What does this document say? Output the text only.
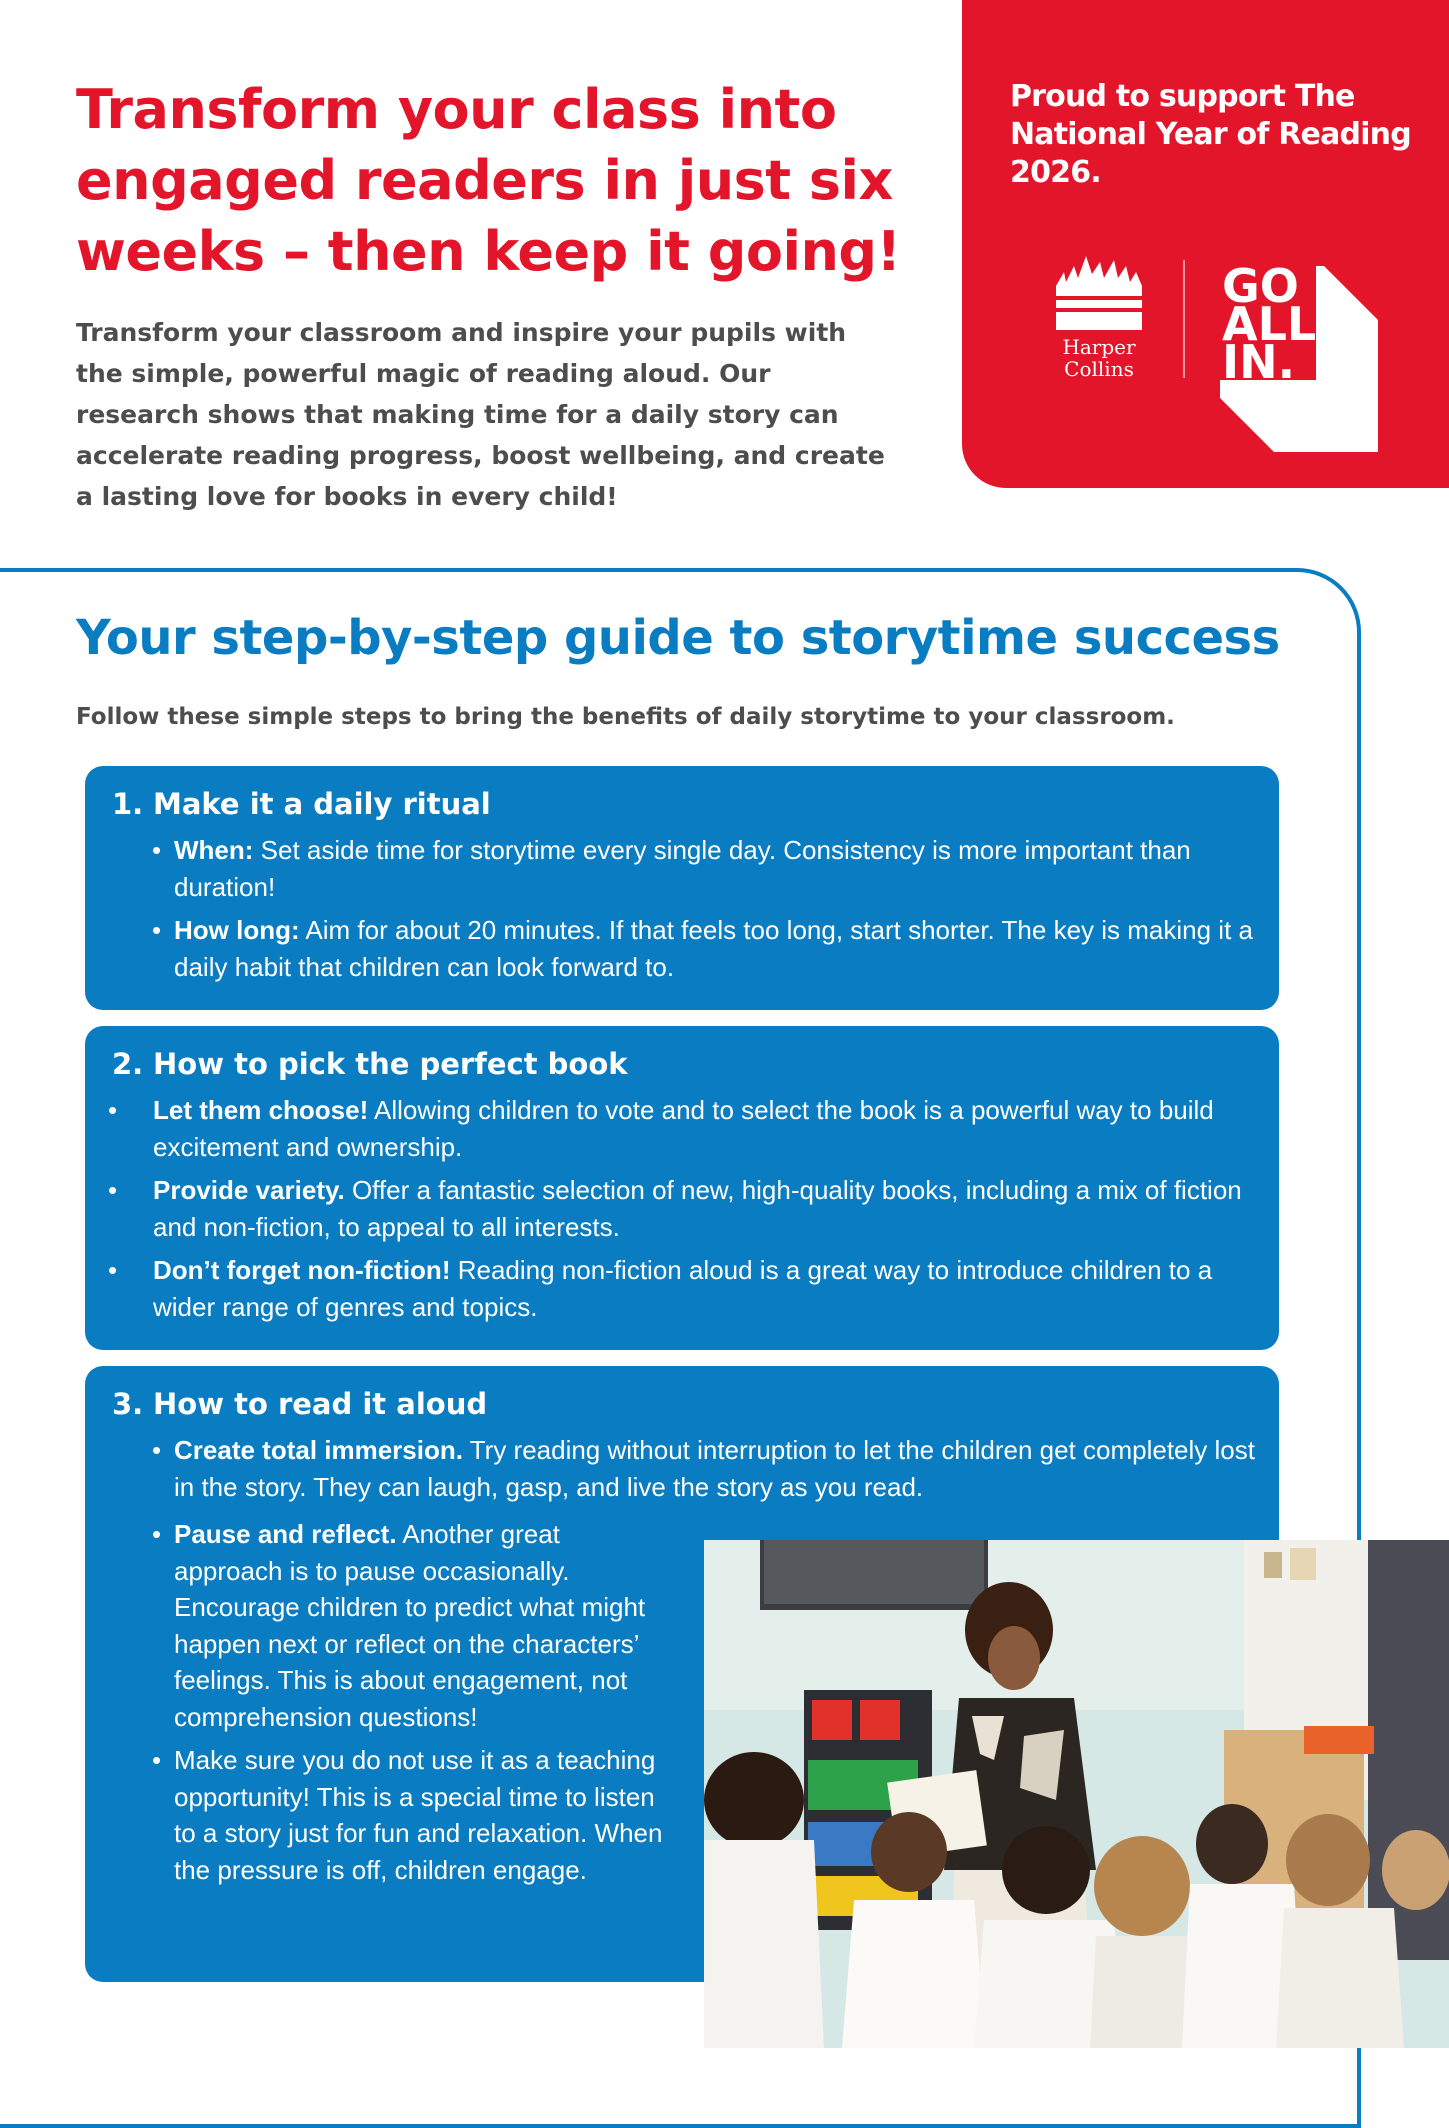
Transform your class into engaged readers in just six weeks – then keep it going!

Transform your classroom and inspire your pupils with the simple, powerful magic of reading aloud. Our research shows that making time for a daily story can accelerate reading progress, boost wellbeing, and create a lasting love for books in every child!

Proud to support The National Year of Reading 2026.
Harper
Collins
GO
ALL
IN.
Your step-by-step guide to storytime success

Follow these simple steps to bring the benefits of daily storytime to your classroom.

1. Make it a daily ritual
• When: Set aside time for storytime every single day. Consistency is more important than duration!
• How long: Aim for about 20 minutes. If that feels too long, start shorter. The key is making it a daily habit that children can look forward to.
2. How to pick the perfect book
• Let them choose! Allowing children to vote and to select the book is a powerful way to build excitement and ownership.
• Provide variety. Offer a fantastic selection of new, high-quality books, including a mix of fiction and non-fiction, to appeal to all interests.
• Don’t forget non-fiction! Reading non-fiction aloud is a great way to introduce children to a wider range of genres and topics.
3. How to read it aloud
• Create total immersion. Try reading without interruption to let the children get completely lost in the story. They can laugh, gasp, and live the story as you read.
• Pause and reflect. Another great approach is to pause occasionally. Encourage children to predict what might happen next or reflect on the characters’ feelings. This is about engagement, not comprehension questions!
• Make sure you do not use it as a teaching opportunity! This is a special time to listen to a story just for fun and relaxation. When the pressure is off, children engage.
